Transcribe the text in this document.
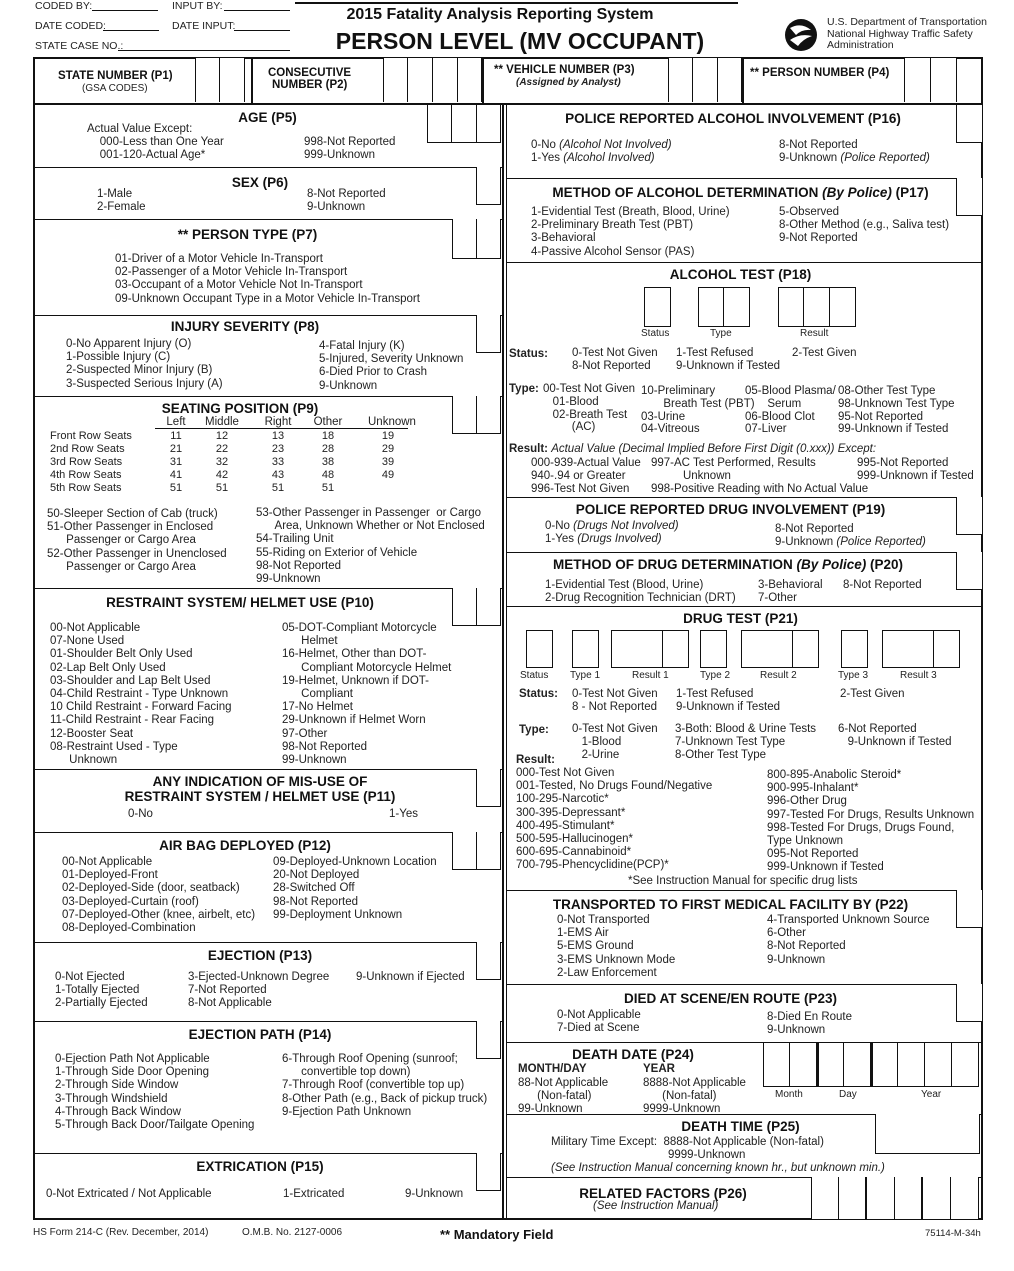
CODED BY:	INPUT BY:
DATE CODED:	DATE INPUT:
STATE CASE NO.:
2015 Fatality Analysis Reporting System
PERSON LEVEL (MV OCCUPANT)
U.S. Department of Transportation
National Highway Traffic Safety
Administration
STATE NUMBER (P1)
(GSA CODES)
CONSECUTIVE
NUMBER (P2)
** VEHICLE NUMBER (P3)
(Assigned by Analyst)
** PERSON NUMBER (P4)
AGE (P5)
Actual Value Except:
000-Less than One Year
001-120-Actual Age*
998-Not Reported
999-Unknown
SEX (P6)
1-Male
2-Female
8-Not Reported
9-Unknown
** PERSON TYPE (P7)
01-Driver of a Motor Vehicle In-Transport
02-Passenger of a Motor Vehicle In-Transport
03-Occupant of a Motor Vehicle Not In-Transport
09-Unknown Occupant Type in a Motor Vehicle In-Transport
INJURY SEVERITY (P8)
0-No Apparent Injury (O)
1-Possible Injury (C)
2-Suspected Minor Injury (B)
3-Suspected Serious Injury (A)
4-Fatal Injury (K)
5-Injured, Severity Unknown
6-Died Prior to Crash
9-Unknown
SEATING POSITION (P9)
Left	Middle	Right	Other	Unknown
Front Row Seats	11	12	13	18	19
2nd Row Seats	21	22	23	28	29
3rd Row Seats	31	32	33	38	39
4th Row Seats	41	42	43	48	49
5th Row Seats	51	51	51	51
50-Sleeper Section of Cab (truck)
51-Other Passenger in Enclosed
Passenger or Cargo Area
52-Other Passenger in Unenclosed
Passenger or Cargo Area
53-Other Passenger in Passenger  or Cargo
Area, Unknown Whether or Not Enclosed
54-Trailing Unit
55-Riding on Exterior of Vehicle
98-Not Reported
99-Unknown
RESTRAINT SYSTEM/ HELMET USE (P10)
00-Not Applicable
07-None Used
01-Shoulder Belt Only Used
02-Lap Belt Only Used
03-Shoulder and Lap Belt Used
04-Child Restraint - Type Unknown
10 Child Restraint - Forward Facing
11-Child Restraint - Rear Facing
12-Booster Seat
08-Restraint Used - Type
Unknown
05-DOT-Compliant Motorcycle
Helmet
16-Helmet, Other than DOT-
Compliant Motorcycle Helmet
19-Helmet, Unknown if DOT-
Compliant
17-No Helmet
29-Unknown if Helmet Worn
97-Other
98-Not Reported
99-Unknown
ANY INDICATION OF MIS-USE OF
RESTRAINT SYSTEM / HELMET USE (P11)
0-No	1-Yes
AIR BAG DEPLOYED (P12)
00-Not Applicable
01-Deployed-Front
02-Deployed-Side (door, seatback)
03-Deployed-Curtain (roof)
07-Deployed-Other (knee, airbelt, etc)
08-Deployed-Combination
09-Deployed-Unknown Location
20-Not Deployed
28-Switched Off
98-Not Reported
99-Deployment Unknown
EJECTION (P13)
0-Not Ejected
1-Totally Ejected
2-Partially Ejected
3-Ejected-Unknown Degree
7-Not Reported
8-Not Applicable
9-Unknown if Ejected
EJECTION PATH (P14)
0-Ejection Path Not Applicable
1-Through Side Door Opening
2-Through Side Window
3-Through Windshield
4-Through Back Window
5-Through Back Door/Tailgate Opening
6-Through Roof Opening (sunroof;
convertible top down)
7-Through Roof (convertible top up)
8-Other Path (e.g., Back of pickup truck)
9-Ejection Path Unknown
EXTRICATION (P15)
0-Not Extricated / Not Applicable	1-Extricated	9-Unknown
POLICE REPORTED ALCOHOL INVOLVEMENT (P16)
0-No (Alcohol Not Involved)
1-Yes (Alcohol Involved)
8-Not Reported
9-Unknown (Police Reported)
METHOD OF ALCOHOL DETERMINATION (By Police) (P17)
1-Evidential Test (Breath, Blood, Urine)
2-Preliminary Breath Test (PBT)
3-Behavioral
4-Passive Alcohol Sensor (PAS)
5-Observed
8-Other Method (e.g., Saliva test)
9-Not Reported
ALCOHOL TEST (P18)
Status	Type	Result
Status: 0-Test Not Given
8-Not Reported
1-Test Refused
9-Unknown if Tested
2-Test Given
Type: 00-Test Not Given
01-Blood
02-Breath Test
(AC)
10-Preliminary
Breath Test (PBT)
03-Urine
04-Vitreous
05-Blood Plasma/
Serum
06-Blood Clot
07-Liver
08-Other Test Type
98-Unknown Test Type
95-Not Reported
99-Unknown if Tested
Result: Actual Value (Decimal Implied Before First Digit (0.xxx)) Except:
000-939-Actual Value
940-.94 or Greater
996-Test Not Given
997-AC Test Performed, Results
Unknown
998-Positive Reading with No Actual Value
995-Not Reported
999-Unknown if Tested
POLICE REPORTED DRUG INVOLVEMENT (P19)
0-No (Drugs Not Involved)
1-Yes (Drugs Involved)
8-Not Reported
9-Unknown (Police Reported)
METHOD OF DRUG DETERMINATION (By Police) (P20)
1-Evidential Test (Blood, Urine)
2-Drug Recognition Technician (DRT)
3-Behavioral
7-Other
8-Not Reported
DRUG TEST (P21)
Status Type 1	Result 1	Type 2	Result 2	Type 3	Result 3
Status: 0-Test Not Given
8 - Not Reported
1-Test Refused
9-Unknown if Tested
2-Test Given
Type: 0-Test Not Given
1-Blood
2-Urine
3-Both: Blood & Urine Tests
7-Unknown Test Type
8-Other Test Type
6-Not Reported
9-Unknown if Tested
Result:
000-Test Not Given
001-Tested, No Drugs Found/Negative
100-295-Narcotic*
300-395-Depressant*
400-495-Stimulant*
500-595-Hallucinogen*
600-695-Cannabinoid*
700-795-Phencyclidine(PCP)*
800-895-Anabolic Steroid*
900-995-Inhalant*
996-Other Drug
997-Tested For Drugs, Results Unknown
998-Tested For Drugs, Drugs Found,
Type Unknown
095-Not Reported
999-Unknown if Tested
*See Instruction Manual for specific drug lists
TRANSPORTED TO FIRST MEDICAL FACILITY BY (P22)
0-Not Transported
1-EMS Air
5-EMS Ground
3-EMS Unknown Mode
2-Law Enforcement
4-Transported Unknown Source
6-Other
8-Not Reported
9-Unknown
DIED AT SCENE/EN ROUTE (P23)
0-Not Applicable
7-Died at Scene
8-Died En Route
9-Unknown
DEATH DATE (P24)
MONTH/DAY
88-Not Applicable
(Non-fatal)
99-Unknown
YEAR
8888-Not Applicable
(Non-fatal)
9999-Unknown
Month	Day	Year
DEATH TIME (P25)
Military Time Except:  8888-Not Applicable (Non-fatal)
9999-Unknown
(See Instruction Manual concerning known hr., but unknown min.)
RELATED FACTORS (P26)
(See Instruction Manual)
HS Form 214-C (Rev. December, 2014)	O.M.B. No. 2127-0006	** Mandatory Field	75114-M-34h
